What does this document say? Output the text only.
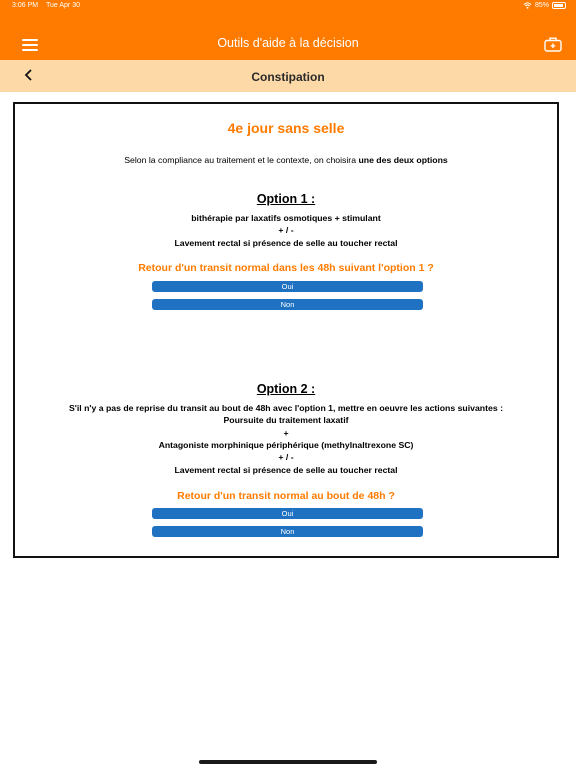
3:06 PM Tue Apr 30	85%
Outils d'aide à la décision
Constipation
4e jour sans selle
Selon la compliance au traitement et le contexte, on choisira une des deux options
Option 1 :
bithérapie par laxatifs osmotiques + stimulant
+ / -
Lavement rectal si présence de selle au toucher rectal
Retour d'un transit normal dans les 48h suivant l'option 1 ?
Oui
Non
Option 2 :
S'il n'y a pas de reprise du transit au bout de 48h avec l'option 1, mettre en oeuvre les actions suivantes :
Poursuite du traitement laxatif
+
Antagoniste morphinique périphérique (methylnaltrexone SC)
+ / -
Lavement rectal si présence de selle au toucher rectal
Retour d'un transit normal au bout de 48h ?
Oui
Non
